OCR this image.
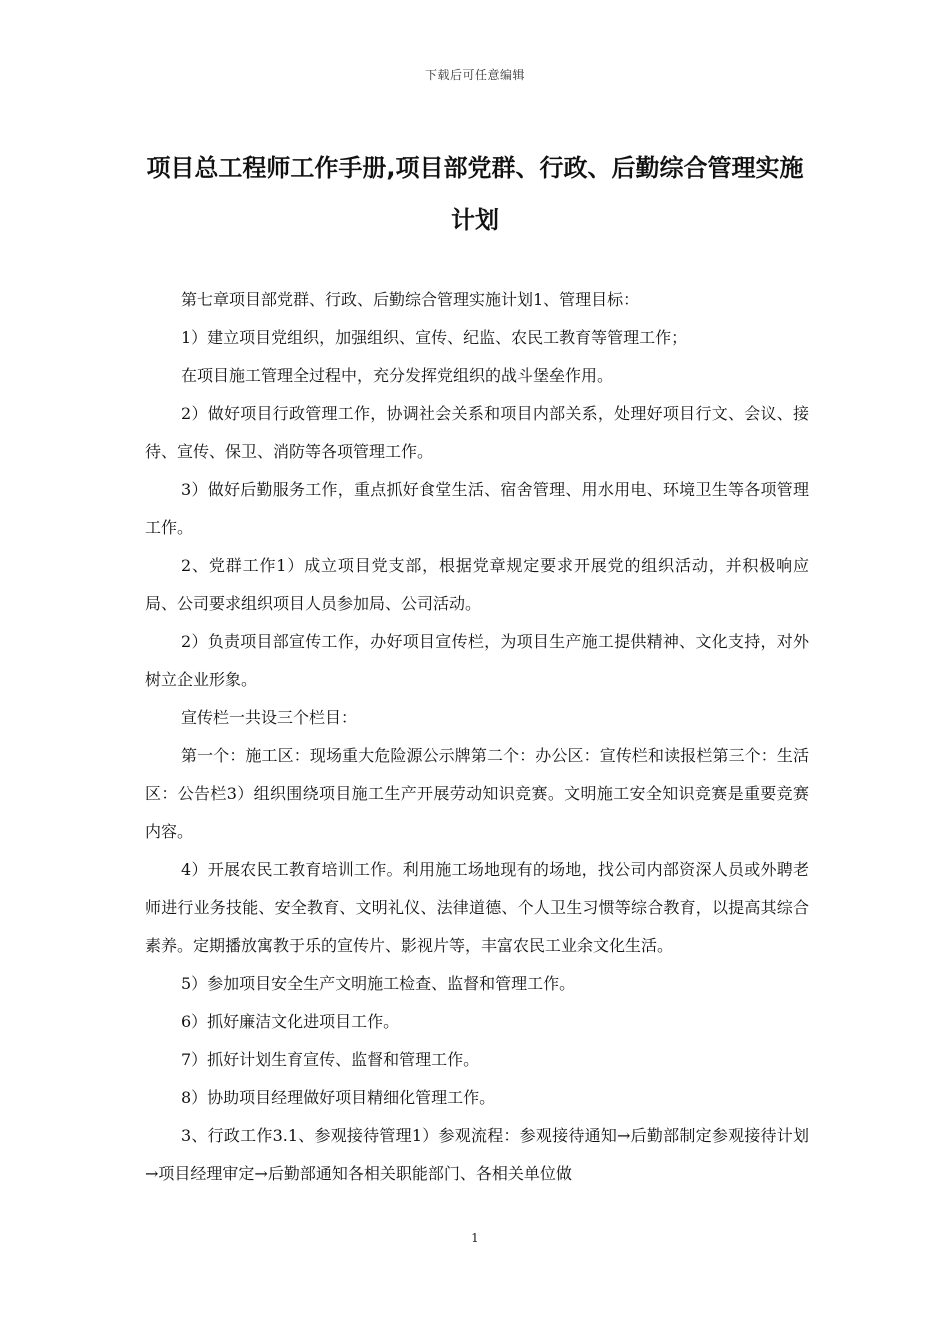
下载后可任意编辑
项目总工程师工作手册,项目部党群、行政、后勤综合管理实施计划

第七章项目部党群、行政、后勤综合管理实施计划1、管理目标：

1）建立项目党组织，加强组织、宣传、纪监、农民工教育等管理工作；

在项目施工管理全过程中，充分发挥党组织的战斗堡垒作用。

2）做好项目行政管理工作，协调社会关系和项目内部关系，处理好项目行文、会议、接待、宣传、保卫、消防等各项管理工作。

3）做好后勤服务工作，重点抓好食堂生活、宿舍管理、用水用电、环境卫生等各项管理工作。

2、党群工作1）成立项目党支部，根据党章规定要求开展党的组织活动，并积极响应局、公司要求组织项目人员参加局、公司活动。

2）负责项目部宣传工作，办好项目宣传栏，为项目生产施工提供精神、文化支持，对外树立企业形象。

宣传栏一共设三个栏目：

第一个：施工区：现场重大危险源公示牌第二个：办公区：宣传栏和读报栏第三个：生活区：公告栏3）组织围绕项目施工生产开展劳动知识竞赛。文明施工安全知识竞赛是重要竞赛内容。

4）开展农民工教育培训工作。利用施工场地现有的场地，找公司内部资深人员或外聘老师进行业务技能、安全教育、文明礼仪、法律道德、个人卫生习惯等综合教育，以提高其综合素养。定期播放寓教于乐的宣传片、影视片等，丰富农民工业余文化生活。

5）参加项目安全生产文明施工检查、监督和管理工作。

6）抓好廉洁文化进项目工作。

7）抓好计划生育宣传、监督和管理工作。

8）协助项目经理做好项目精细化管理工作。

3、行政工作3.1、参观接待管理1）参观流程：参观接待通知→后勤部制定参观接待计划→项目经理审定→后勤部通知各相关职能部门、各相关单位做

1
